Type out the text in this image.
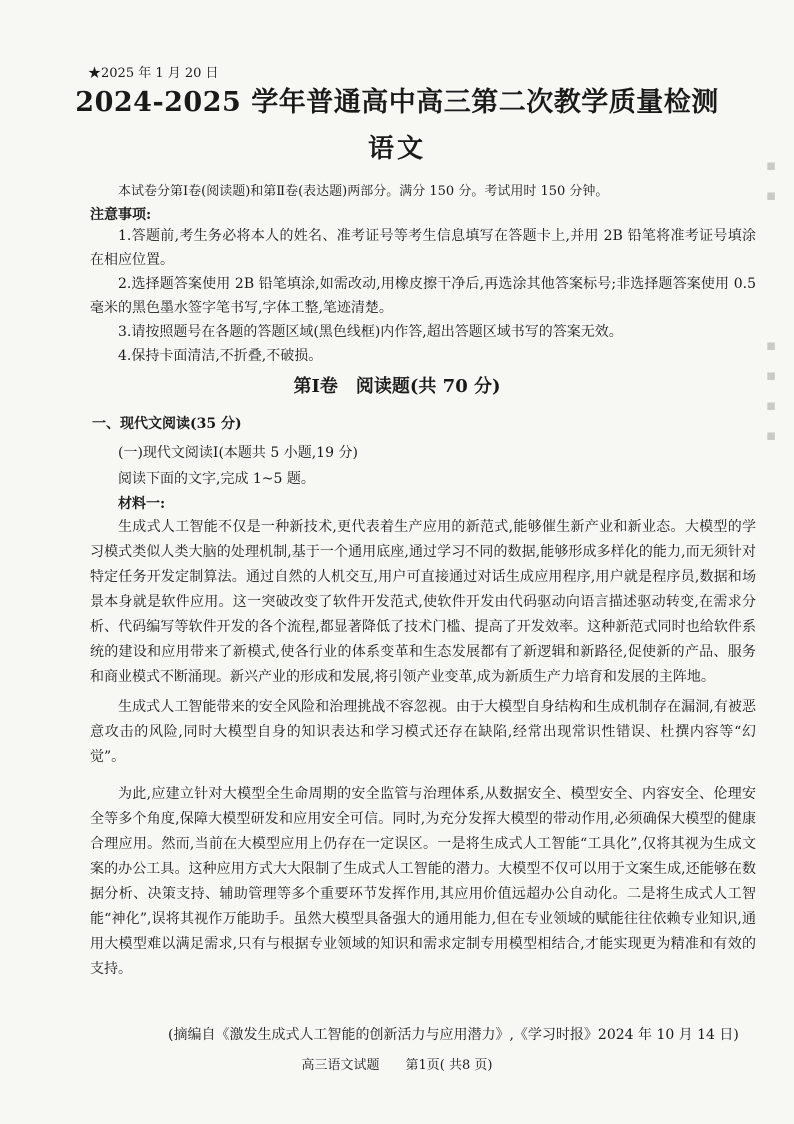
★2025 年 1 月 20 日
2024-2025 学年普通高中高三第二次教学质量检测
语文
本试卷分第Ⅰ卷(阅读题)和第Ⅱ卷(表达题)两部分。满分 150 分。考试用时 150 分钟。
注意事项:

1.答题前,考生务必将本人的姓名、准考证号等考生信息填写在答题卡上,并用 2B 铅笔将准考证号填涂在相应位置。

2.选择题答案使用 2B 铅笔填涂,如需改动,用橡皮擦干净后,再选涂其他答案标号;非选择题答案使用 0.5 毫米的黑色墨水签字笔书写,字体工整,笔迹清楚。

3.请按照题号在各题的答题区域(黑色线框)内作答,超出答题区域书写的答案无效。

4.保持卡面清洁,不折叠,不破损。

第Ⅰ卷　阅读题(共 70 分)
一、现代文阅读(35 分)
(一)现代文阅读Ⅰ(本题共 5 小题,19 分)
阅读下面的文字,完成 1~5 题。
材料一:

生成式人工智能不仅是一种新技术,更代表着生产应用的新范式,能够催生新产业和新业态。大模型的学习模式类似人类大脑的处理机制,基于一个通用底座,通过学习不同的数据,能够形成多样化的能力,而无须针对特定任务开发定制算法。通过自然的人机交互,用户可直接通过对话生成应用程序,用户就是程序员,数据和场景本身就是软件应用。这一突破改变了软件开发范式,使软件开发由代码驱动向语言描述驱动转变,在需求分析、代码编写等软件开发的各个流程,都显著降低了技术门槛、提高了开发效率。这种新范式同时也给软件系统的建设和应用带来了新模式,使各行业的体系变革和生态发展都有了新逻辑和新路径,促使新的产品、服务和商业模式不断涌现。新兴产业的形成和发展,将引领产业变革,成为新质生产力培育和发展的主阵地。

生成式人工智能带来的安全风险和治理挑战不容忽视。由于大模型自身结构和生成机制存在漏洞,有被恶意攻击的风险,同时大模型自身的知识表达和学习模式还存在缺陷,经常出现常识性错误、杜撰内容等“幻觉”。

为此,应建立针对大模型全生命周期的安全监管与治理体系,从数据安全、模型安全、内容安全、伦理安全等多个角度,保障大模型研发和应用安全可信。同时,为充分发挥大模型的带动作用,必须确保大模型的健康合理应用。然而,当前在大模型应用上仍存在一定误区。一是将生成式人工智能“工具化”,仅将其视为生成文案的办公工具。这种应用方式大大限制了生成式人工智能的潜力。大模型不仅可以用于文案生成,还能够在数据分析、决策支持、辅助管理等多个重要环节发挥作用,其应用价值远超办公自动化。二是将生成式人工智能“神化”,误将其视作万能助手。虽然大模型具备强大的通用能力,但在专业领域的赋能往往依赖专业知识,通用大模型难以满足需求,只有与根据专业领域的知识和需求定制专用模型相结合,才能实现更为精准和有效的支持。

(摘编自《激发生成式人工智能的创新活力与应用潜力》,《学习时报》2024 年 10 月 14 日)
高三语文试题　　第1页( 共8 页)
▪
▪
▪
▪
▪
▪
